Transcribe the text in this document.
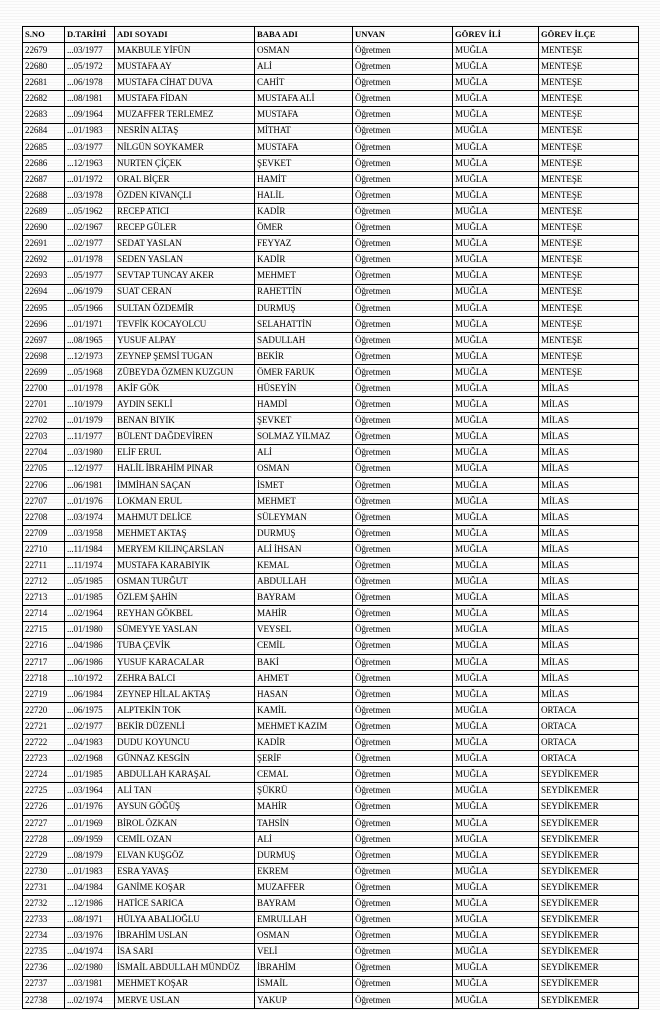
S.NO	D.TARİHİ	ADI SOYADI	BABA ADI	UNVAN	GÖREV İLİ	GÖREV İLÇE
22679	...03/1977	MAKBULE YİFÜN	OSMAN	Öğretmen	MUĞLA	MENTEŞE
22680	...05/1972	MUSTAFA AY	ALİ	Öğretmen	MUĞLA	MENTEŞE
22681	...06/1978	MUSTAFA CİHAT DUVA	CAHİT	Öğretmen	MUĞLA	MENTEŞE
22682	...08/1981	MUSTAFA FİDAN	MUSTAFA ALİ	Öğretmen	MUĞLA	MENTEŞE
22683	...09/1964	MUZAFFER TERLEMEZ	MUSTAFA	Öğretmen	MUĞLA	MENTEŞE
22684	...01/1983	NESRİN ALTAŞ	MİTHAT	Öğretmen	MUĞLA	MENTEŞE
22685	...03/1977	NİLGÜN SOYKAMER	MUSTAFA	Öğretmen	MUĞLA	MENTEŞE
22686	...12/1963	NURTEN ÇİÇEK	ŞEVKET	Öğretmen	MUĞLA	MENTEŞE
22687	...01/1972	ORAL BİÇER	HAMİT	Öğretmen	MUĞLA	MENTEŞE
22688	...03/1978	ÖZDEN KIVANÇLI	HALİL	Öğretmen	MUĞLA	MENTEŞE
22689	...05/1962	RECEP ATICI	KADİR	Öğretmen	MUĞLA	MENTEŞE
22690	...02/1967	RECEP GÜLER	ÖMER	Öğretmen	MUĞLA	MENTEŞE
22691	...02/1977	SEDAT YASLAN	FEYYAZ	Öğretmen	MUĞLA	MENTEŞE
22692	...01/1978	SEDEN YASLAN	KADİR	Öğretmen	MUĞLA	MENTEŞE
22693	...05/1977	SEVTAP TUNCAY AKER	MEHMET	Öğretmen	MUĞLA	MENTEŞE
22694	...06/1979	SUAT CERAN	RAHETTİN	Öğretmen	MUĞLA	MENTEŞE
22695	...05/1966	SULTAN ÖZDEMİR	DURMUŞ	Öğretmen	MUĞLA	MENTEŞE
22696	...01/1971	TEVFİK KOCAYOLCU	SELAHATTİN	Öğretmen	MUĞLA	MENTEŞE
22697	...08/1965	YUSUF ALPAY	SADULLAH	Öğretmen	MUĞLA	MENTEŞE
22698	...12/1973	ZEYNEP ŞEMSİ TUGAN	BEKİR	Öğretmen	MUĞLA	MENTEŞE
22699	...05/1968	ZÜBEYDA ÖZMEN KUZGUN	ÖMER FARUK	Öğretmen	MUĞLA	MENTEŞE
22700	...01/1978	AKİF GÖK	HÜSEYİN	Öğretmen	MUĞLA	MİLAS
22701	...10/1979	AYDIN SEKLİ	HAMDİ	Öğretmen	MUĞLA	MİLAS
22702	...01/1979	BENAN BIYIK	ŞEVKET	Öğretmen	MUĞLA	MİLAS
22703	...11/1977	BÜLENT DAĞDEVİREN	SOLMAZ YILMAZ	Öğretmen	MUĞLA	MİLAS
22704	...03/1980	ELİF ERUL	ALİ	Öğretmen	MUĞLA	MİLAS
22705	...12/1977	HALİL İBRAHİM PINAR	OSMAN	Öğretmen	MUĞLA	MİLAS
22706	...06/1981	İMMİHAN SAÇAN	İSMET	Öğretmen	MUĞLA	MİLAS
22707	...01/1976	LOKMAN ERUL	MEHMET	Öğretmen	MUĞLA	MİLAS
22708	...03/1974	MAHMUT DELİCE	SÜLEYMAN	Öğretmen	MUĞLA	MİLAS
22709	...03/1958	MEHMET AKTAŞ	DURMUŞ	Öğretmen	MUĞLA	MİLAS
22710	...11/1984	MERYEM KILINÇARSLAN	ALİ İHSAN	Öğretmen	MUĞLA	MİLAS
22711	...11/1974	MUSTAFA KARABIYIK	KEMAL	Öğretmen	MUĞLA	MİLAS
22712	...05/1985	OSMAN TURĞUT	ABDULLAH	Öğretmen	MUĞLA	MİLAS
22713	...01/1985	ÖZLEM ŞAHİN	BAYRAM	Öğretmen	MUĞLA	MİLAS
22714	...02/1964	REYHAN GÖKBEL	MAHİR	Öğretmen	MUĞLA	MİLAS
22715	...01/1980	SÜMEYYE YASLAN	VEYSEL	Öğretmen	MUĞLA	MİLAS
22716	...04/1986	TUBA ÇEVİK	CEMİL	Öğretmen	MUĞLA	MİLAS
22717	...06/1986	YUSUF KARACALAR	BAKİ	Öğretmen	MUĞLA	MİLAS
22718	...10/1972	ZEHRA BALCI	AHMET	Öğretmen	MUĞLA	MİLAS
22719	...06/1984	ZEYNEP HİLAL AKTAŞ	HASAN	Öğretmen	MUĞLA	MİLAS
22720	...06/1975	ALPTEKİN TOK	KAMİL	Öğretmen	MUĞLA	ORTACA
22721	...02/1977	BEKİR DÜZENLİ	MEHMET KAZIM	Öğretmen	MUĞLA	ORTACA
22722	...04/1983	DUDU KOYUNCU	KADİR	Öğretmen	MUĞLA	ORTACA
22723	...02/1968	GÜNNAZ KESGİN	ŞERİF	Öğretmen	MUĞLA	ORTACA
22724	...01/1985	ABDULLAH KARAŞAL	CEMAL	Öğretmen	MUĞLA	SEYDİKEMER
22725	...03/1964	ALİ TAN	ŞÜKRÜ	Öğretmen	MUĞLA	SEYDİKEMER
22726	...01/1976	AYSUN GÖĞÜŞ	MAHİR	Öğretmen	MUĞLA	SEYDİKEMER
22727	...01/1969	BİROL ÖZKAN	TAHSİN	Öğretmen	MUĞLA	SEYDİKEMER
22728	...09/1959	CEMİL OZAN	ALİ	Öğretmen	MUĞLA	SEYDİKEMER
22729	...08/1979	ELVAN KUŞGÖZ	DURMUŞ	Öğretmen	MUĞLA	SEYDİKEMER
22730	...01/1983	ESRA YAVAŞ	EKREM	Öğretmen	MUĞLA	SEYDİKEMER
22731	...04/1984	GANİME KOŞAR	MUZAFFER	Öğretmen	MUĞLA	SEYDİKEMER
22732	...12/1986	HATİCE SARICA	BAYRAM	Öğretmen	MUĞLA	SEYDİKEMER
22733	...08/1971	HÜLYA ABALIOĞLU	EMRULLAH	Öğretmen	MUĞLA	SEYDİKEMER
22734	...03/1976	İBRAHİM USLAN	OSMAN	Öğretmen	MUĞLA	SEYDİKEMER
22735	...04/1974	İSA SARI	VELİ	Öğretmen	MUĞLA	SEYDİKEMER
22736	...02/1980	İSMAİL ABDULLAH MÜNDÜZ	İBRAHİM	Öğretmen	MUĞLA	SEYDİKEMER
22737	...03/1981	MEHMET KOŞAR	İSMAİL	Öğretmen	MUĞLA	SEYDİKEMER
22738	...02/1974	MERVE USLAN	YAKUP	Öğretmen	MUĞLA	SEYDİKEMER
